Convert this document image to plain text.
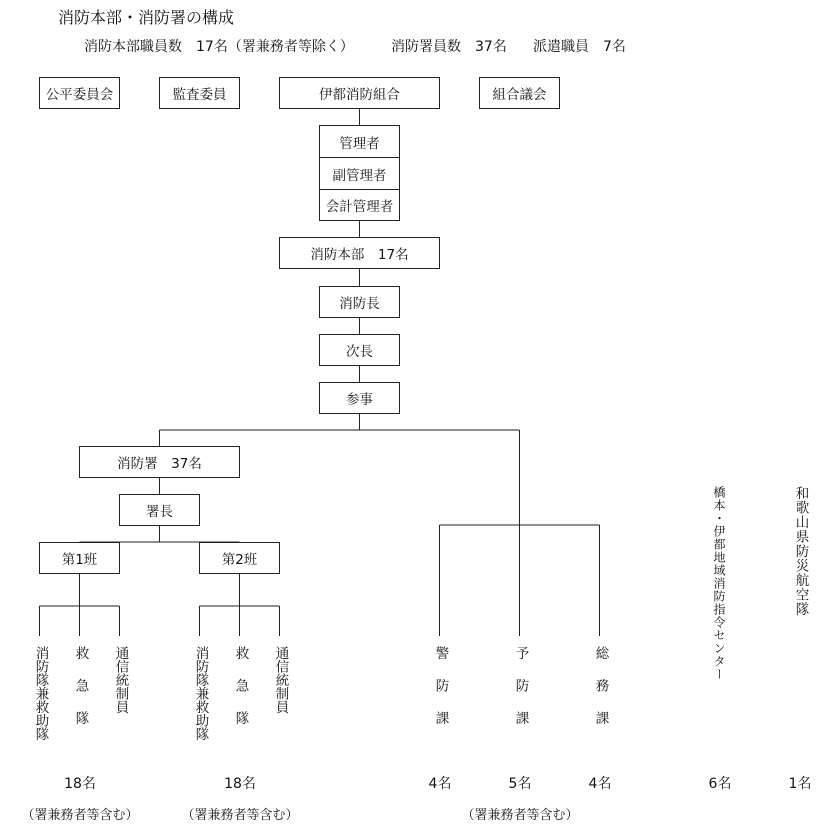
消防本部・消防署の構成
消防本部職員数　17名（署兼務者等除く）	消防署員数　37名 派遣職員　7名
公平委員会	監査委員	伊都消防組合	組合議会
管理者
副管理者
会計管理者
消防本部　17名
消防長
次長
参事
消防署　37名
署長
第1班	第2班
消防隊兼救助隊 救急隊 通信統制員	消防隊兼救助隊 救急隊 通信統制員	警防課	予防課	総務課
橋本・伊都地域消防指令センター	和歌山県防災航空隊
18名	18名	4名	5名	4名	6名	1名
（署兼務者等含む）	（署兼務者等含む）	（署兼務者等含む）
